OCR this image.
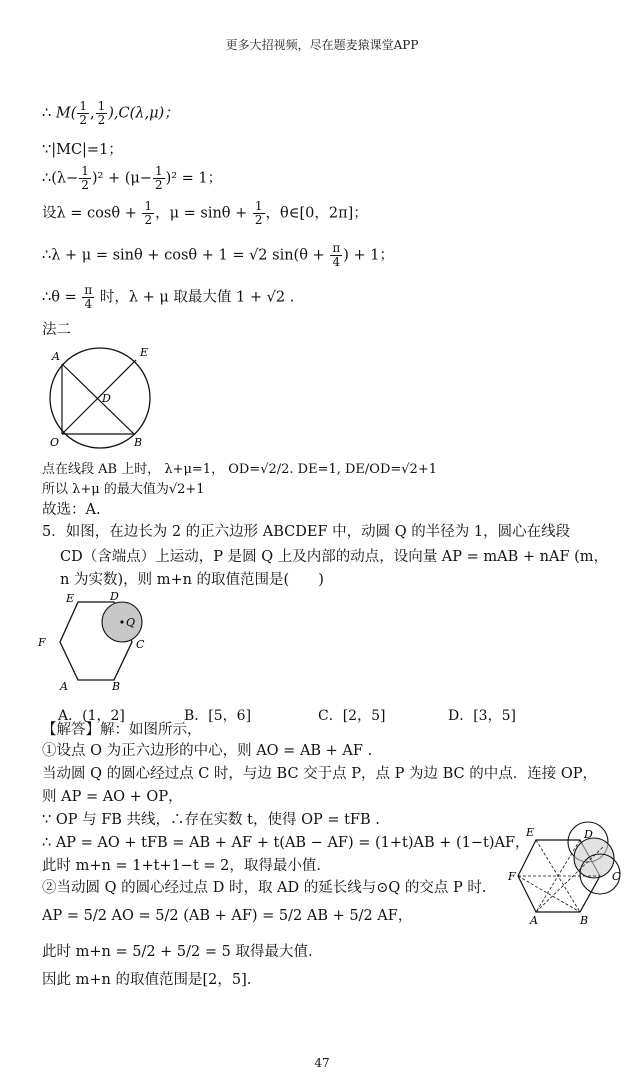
更多大招视频，尽在题麦猿课堂APP
∴ $M( \frac{1}{2}$ , $\frac{1}{2} ),C(\lambda,\mu)$；
∵|MC|=1；
∴(λ− $\frac{1}{2} )^2 + (\mu- \frac{1}{2} )^2 = 1$；
设$\lambda = \cos\theta + \frac{1}{2}$ ，$\mu = \sin\theta + \frac{1}{2}$ ，θ∈[0，2π]；
∴λ + μ = sinθ + cosθ + 1 = √2 $\sin(\theta + \frac{\pi}{4}$ ) + 1；
∴θ = $\frac{\pi}{4}$ 时，λ + μ 取最大值 1 + √2 .
法二
A	E
D
O	B
点在线段 AB 上时， λ+μ=1， OD=√2/2. DE=1, DE/OD=√2+1
所以 λ+μ 的最大值为√2+1
故选：A.
5．如图，在边长为 2 的正六边形 ABCDEF 中，动圆 Q 的半径为 1，圆心在线段
CD（含端点）上运动，P 是圆 Q 上及内部的动点，设向量 AP = mAB + nAF (m，
n 为实数)，则 m+n 的取值范围是(　　)
E	D
F
Q
C
A	B
A．(1，2]	B．[5，6]	C．[2，5]	D．[3，5]
【解答】解：如图所示，
①设点 O 为正六边形的中心，则 AO = AB + AF .
当动圆 Q 的圆心经过点 C 时，与边 BC 交于点 P，点 P 为边 BC 的中点．连接 OP，
则 AP = AO + OP，
∵ OP 与 FB 共线，∴存在实数 t，使得 OP = tFB .
∴ AP = AO + tFB = AB + AF + t(AB − AF) = (1+t)AB + (1−t)AF，
此时 m+n = 1+t+1−t = 2，取得最小值.
②当动圆 Q 的圆心经过点 D 时，取 AD 的延长线与⊙Q 的交点 P 时.
AP = 5/2 AO = 5/2 (AB + AF) = 5/2 AB + 5/2 AF，
此时 m+n = 5/2 + 5/2 = 5 取得最大值.
因此 m+n 的取值范围是[2，5].
E	D
F	C
A	B
47
